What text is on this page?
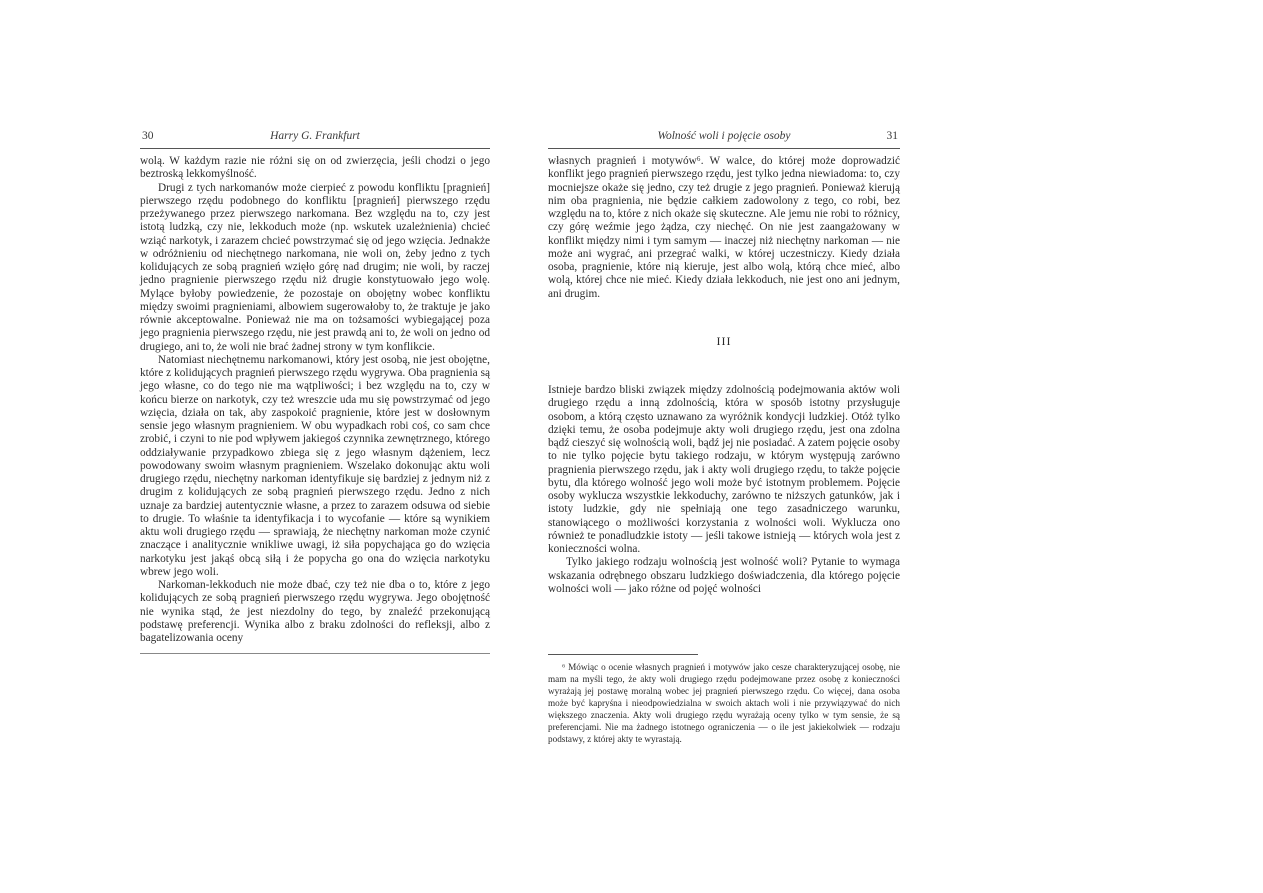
30	Harry G. Frankfurt

wolą. W każdym razie nie różni się on od zwierzęcia, jeśli chodzi o jego beztroską lekkomyślność.

Drugi z tych narkomanów może cierpieć z powodu konfliktu [pragnień] pierwszego rzędu podobnego do konfliktu [pragnień] pierwszego rzędu przeżywanego przez pierwszego narkomana. Bez względu na to, czy jest istotą ludzką, czy nie, lekkoduch może (np. wskutek uzależnienia) chcieć wziąć narkotyk, i zarazem chcieć powstrzymać się od jego wzięcia. Jednakże w odróżnieniu od niechętnego narkomana, nie woli on, żeby jedno z tych kolidujących ze sobą pragnień wzięło górę nad drugim; nie woli, by raczej jedno pragnienie pierwszego rzędu niż drugie konstytuowało jego wolę. Mylące byłoby powiedzenie, że pozostaje on obojętny wobec konfliktu między swoimi pragnieniami, albowiem sugerowałoby to, że traktuje je jako równie akceptowalne. Ponieważ nie ma on tożsamości wybiegającej poza jego pragnienia pierwszego rzędu, nie jest prawdą ani to, że woli on jedno od drugiego, ani to, że woli nie brać żadnej strony w tym konflikcie.

Natomiast niechętnemu narkomanowi, który jest osobą, nie jest obojętne, które z kolidujących pragnień pierwszego rzędu wygrywa. Oba pragnienia są jego własne, co do tego nie ma wątpliwości; i bez względu na to, czy w końcu bierze on narkotyk, czy też wreszcie uda mu się powstrzymać od jego wzięcia, działa on tak, aby zaspokoić pragnienie, które jest w dosłownym sensie jego własnym pragnieniem. W obu wypadkach robi coś, co sam chce zrobić, i czyni to nie pod wpływem jakiegoś czynnika zewnętrznego, którego oddziaływanie przypadkowo zbiega się z jego własnym dążeniem, lecz powodowany swoim własnym pragnieniem. Wszelako dokonując aktu woli drugiego rzędu, niechętny narkoman identyfikuje się bardziej z jednym niż z drugim z kolidujących ze sobą pragnień pierwszego rzędu. Jedno z nich uznaje za bardziej autentycznie własne, a przez to zarazem odsuwa od siebie to drugie. To właśnie ta identyfikacja i to wycofanie — które są wynikiem aktu woli drugiego rzędu — sprawiają, że niechętny narkoman może czynić znaczące i analitycznie wnikliwe uwagi, iż siła popychająca go do wzięcia narkotyku jest jakąś obcą siłą i że popycha go ona do wzięcia narkotyku wbrew jego woli.

Narkoman-lekkoduch nie może dbać, czy też nie dba o to, które z jego kolidujących ze sobą pragnień pierwszego rzędu wygrywa. Jego obojętność nie wynika stąd, że jest niezdolny do tego, by znaleźć przekonującą podstawę preferencji. Wynika albo z braku zdolności do refleksji, albo z bagatelizowania oceny

Wolność woli i pojęcie osoby	31

własnych pragnień i motywów⁶. W walce, do której może doprowadzić konflikt jego pragnień pierwszego rzędu, jest tylko jedna niewiadoma: to, czy mocniejsze okaże się jedno, czy też drugie z jego pragnień. Ponieważ kierują nim oba pragnienia, nie będzie całkiem zadowolony z tego, co robi, bez względu na to, które z nich okaże się skuteczne. Ale jemu nie robi to różnicy, czy górę weźmie jego żądza, czy niechęć. On nie jest zaangażowany w konflikt między nimi i tym samym — inaczej niż niechętny narkoman — nie może ani wygrać, ani przegrać walki, w której uczestniczy. Kiedy działa osoba, pragnienie, które nią kieruje, jest albo wolą, którą chce mieć, albo wolą, której chce nie mieć. Kiedy działa lekkoduch, nie jest ono ani jednym, ani drugim.

III

Istnieje bardzo bliski związek między zdolnością podejmowania aktów woli drugiego rzędu a inną zdolnością, która w sposób istotny przysługuje osobom, a którą często uznawano za wyróżnik kondycji ludzkiej. Otóż tylko dzięki temu, że osoba podejmuje akty woli drugiego rzędu, jest ona zdolna bądź cieszyć się wolnością woli, bądź jej nie posiadać. A zatem pojęcie osoby to nie tylko pojęcie bytu takiego rodzaju, w którym występują zarówno pragnienia pierwszego rzędu, jak i akty woli drugiego rzędu, to także pojęcie bytu, dla którego wolność jego woli może być istotnym problemem. Pojęcie osoby wyklucza wszystkie lekkoduchy, zarówno te niższych gatunków, jak i istoty ludzkie, gdy nie spełniają one tego zasadniczego warunku, stanowiącego o możliwości korzystania z wolności woli. Wyklucza ono również te ponadludzkie istoty — jeśli takowe istnieją — których wola jest z konieczności wolna.

Tylko jakiego rodzaju wolnością jest wolność woli? Pytanie to wymaga wskazania odrębnego obszaru ludzkiego doświadczenia, dla którego pojęcie wolności woli — jako różne od pojęć wolności

⁶ Mówiąc o ocenie własnych pragnień i motywów jako cesze charakteryzującej osobę, nie mam na myśli tego, że akty woli drugiego rzędu podejmowane przez osobę z konieczności wyrażają jej postawę moralną wobec jej pragnień pierwszego rzędu. Co więcej, dana osoba może być kapryśna i nieodpowiedzialna w swoich aktach woli i nie przywiązywać do nich większego znaczenia. Akty woli drugiego rzędu wyrażają oceny tylko w tym sensie, że są preferencjami. Nie ma żadnego istotnego ograniczenia — o ile jest jakiekolwiek — rodzaju podstawy, z której akty te wyrastają.
